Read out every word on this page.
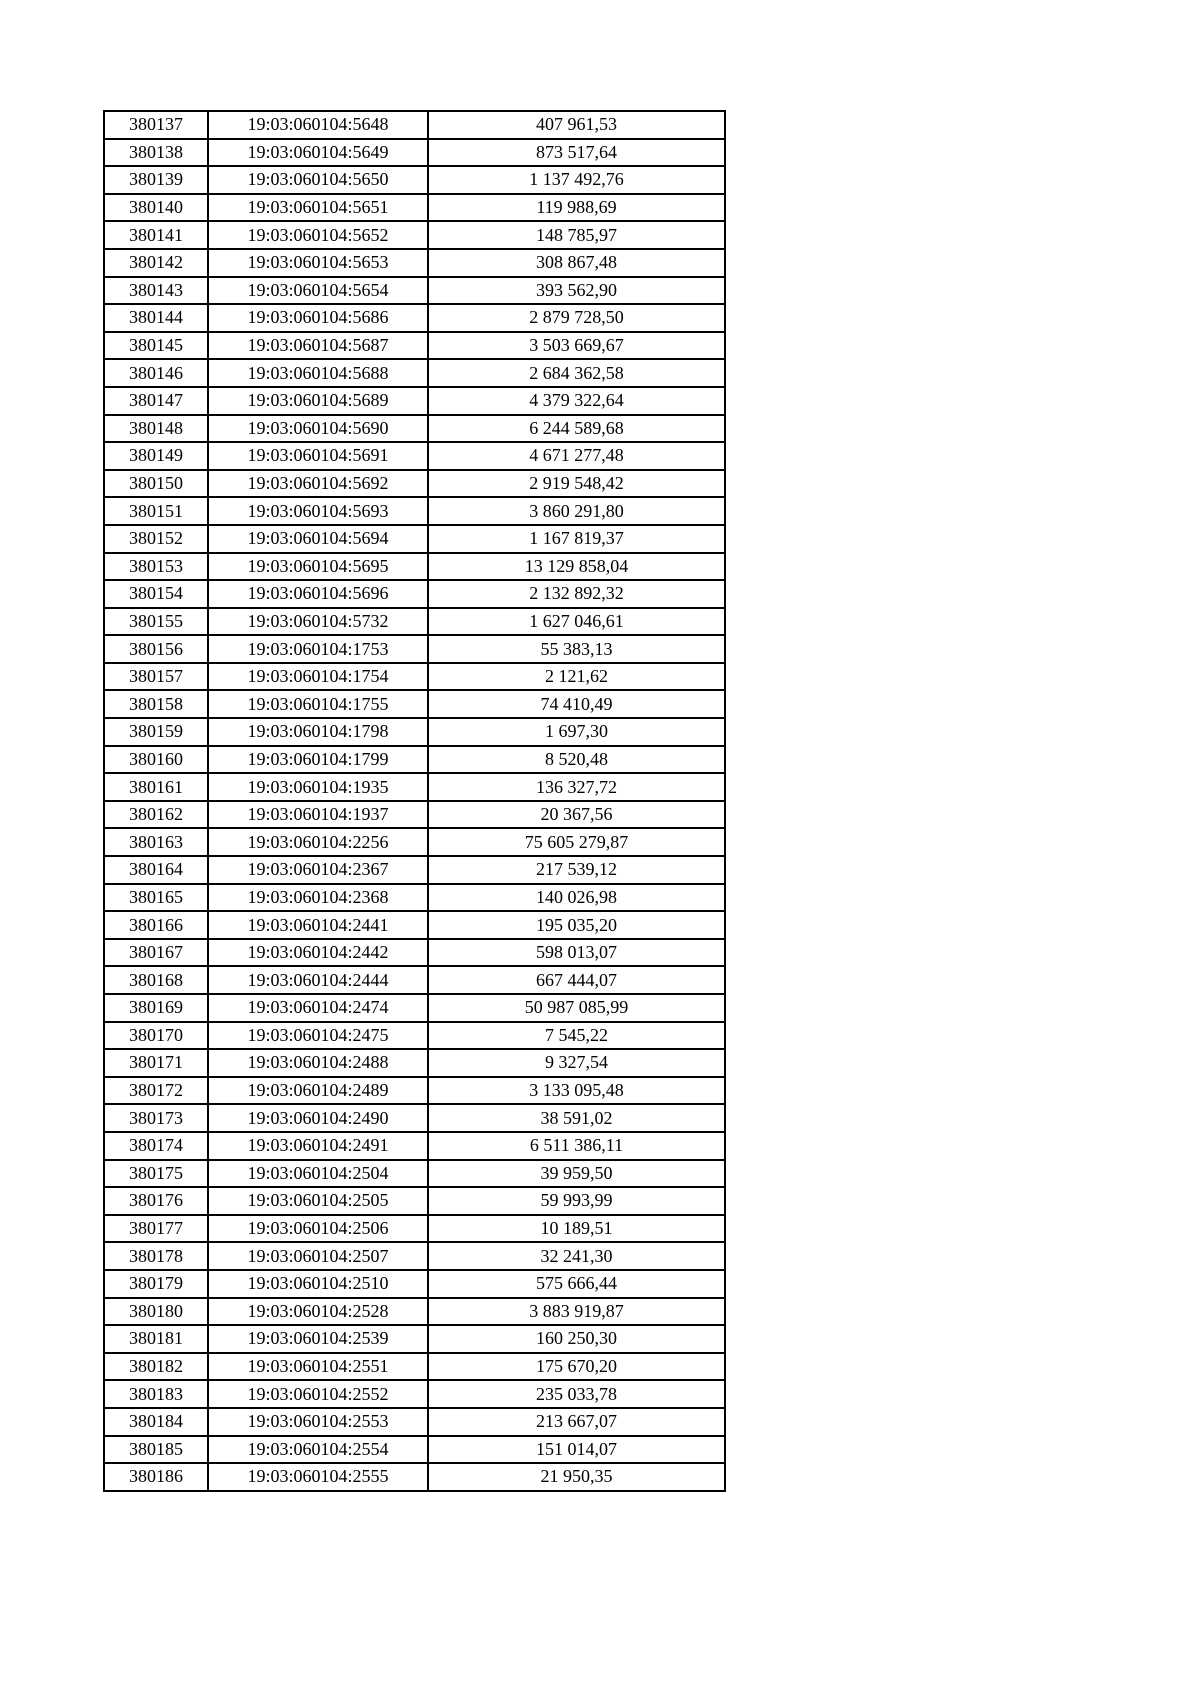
380137	19:03:060104:5648	407 961,53
380138	19:03:060104:5649	873 517,64
380139	19:03:060104:5650	1 137 492,76
380140	19:03:060104:5651	119 988,69
380141	19:03:060104:5652	148 785,97
380142	19:03:060104:5653	308 867,48
380143	19:03:060104:5654	393 562,90
380144	19:03:060104:5686	2 879 728,50
380145	19:03:060104:5687	3 503 669,67
380146	19:03:060104:5688	2 684 362,58
380147	19:03:060104:5689	4 379 322,64
380148	19:03:060104:5690	6 244 589,68
380149	19:03:060104:5691	4 671 277,48
380150	19:03:060104:5692	2 919 548,42
380151	19:03:060104:5693	3 860 291,80
380152	19:03:060104:5694	1 167 819,37
380153	19:03:060104:5695	13 129 858,04
380154	19:03:060104:5696	2 132 892,32
380155	19:03:060104:5732	1 627 046,61
380156	19:03:060104:1753	55 383,13
380157	19:03:060104:1754	2 121,62
380158	19:03:060104:1755	74 410,49
380159	19:03:060104:1798	1 697,30
380160	19:03:060104:1799	8 520,48
380161	19:03:060104:1935	136 327,72
380162	19:03:060104:1937	20 367,56
380163	19:03:060104:2256	75 605 279,87
380164	19:03:060104:2367	217 539,12
380165	19:03:060104:2368	140 026,98
380166	19:03:060104:2441	195 035,20
380167	19:03:060104:2442	598 013,07
380168	19:03:060104:2444	667 444,07
380169	19:03:060104:2474	50 987 085,99
380170	19:03:060104:2475	7 545,22
380171	19:03:060104:2488	9 327,54
380172	19:03:060104:2489	3 133 095,48
380173	19:03:060104:2490	38 591,02
380174	19:03:060104:2491	6 511 386,11
380175	19:03:060104:2504	39 959,50
380176	19:03:060104:2505	59 993,99
380177	19:03:060104:2506	10 189,51
380178	19:03:060104:2507	32 241,30
380179	19:03:060104:2510	575 666,44
380180	19:03:060104:2528	3 883 919,87
380181	19:03:060104:2539	160 250,30
380182	19:03:060104:2551	175 670,20
380183	19:03:060104:2552	235 033,78
380184	19:03:060104:2553	213 667,07
380185	19:03:060104:2554	151 014,07
380186	19:03:060104:2555	21 950,35
